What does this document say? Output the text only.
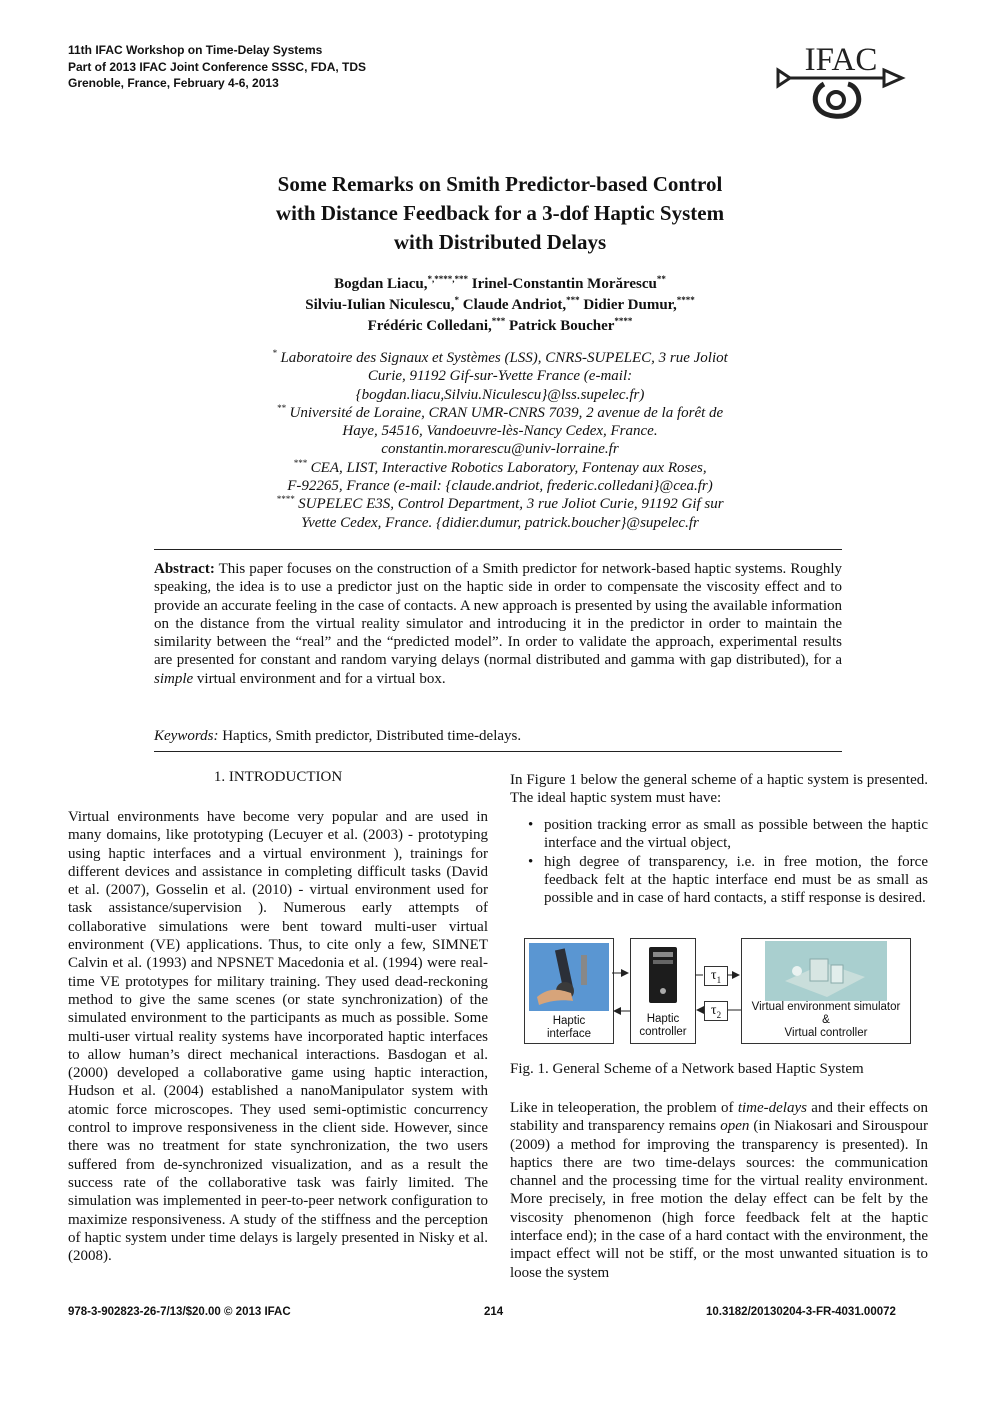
11th IFAC Workshop on Time-Delay Systems
Part of 2013 IFAC Joint Conference SSSC, FDA, TDS
Grenoble, France, February 4-6, 2013
IFAC
Some Remarks on Smith Predictor-based Control
with Distance Feedback for a 3-dof Haptic System
with Distributed Delays
Bogdan Liacu,*,****,*** Irinel-Constantin Morărescu**
Silviu-Iulian Niculescu,* Claude Andriot,*** Didier Dumur,****
Frédéric Colledani,*** Patrick Boucher****
* Laboratoire des Signaux et Systèmes (LSS), CNRS-SUPELEC, 3 rue Joliot
Curie, 91192 Gif-sur-Yvette France (e-mail:
{bogdan.liacu,Silviu.Niculescu}@lss.supelec.fr)
** Université de Loraine, CRAN UMR-CNRS 7039, 2 avenue de la forêt de
Haye, 54516, Vandoeuvre-lès-Nancy Cedex, France.
constantin.morarescu@univ-lorraine.fr
*** CEA, LIST, Interactive Robotics Laboratory, Fontenay aux Roses,
F-92265, France (e-mail: {claude.andriot, frederic.colledani}@cea.fr)
**** SUPELEC E3S, Control Department, 3 rue Joliot Curie, 91192 Gif sur
Yvette Cedex, France. {didier.dumur, patrick.boucher}@supelec.fr
Abstract: This paper focuses on the construction of a Smith predictor for network-based haptic systems. Roughly speaking, the idea is to use a predictor just on the haptic side in order to compensate the viscosity effect and to provide an accurate feeling in the case of contacts. A new approach is presented by using the available information on the distance from the virtual reality simulator and introducing it in the predictor in order to maintain the similarity between the “real” and the “predicted model”. In order to validate the approach, experimental results are presented for constant and random varying delays (normal distributed and gamma with gap distributed), for a simple virtual environment and for a virtual box.
Keywords: Haptics, Smith predictor, Distributed time-delays.
1. INTRODUCTION
Virtual environments have become very popular and are used in many domains, like prototyping (Lecuyer et al. (2003) - prototyping using haptic interfaces and a virtual environment ), trainings for different devices and assistance in completing difficult tasks (David et al. (2007), Gosselin et al. (2010) - virtual environment used for task assistance/supervision ). Numerous early attempts of collaborative simulations were bent toward multi-user virtual environment (VE) applications. Thus, to cite only a few, SIMNET Calvin et al. (1993) and NPSNET Macedonia et al. (1994) were real-time VE prototypes for military training. They used dead-reckoning method to give the same scenes (or state synchronization) of the simulated environment to the participants as much as possible. Some multi-user virtual reality systems have incorporated haptic interfaces to allow human’s direct mechanical interactions. Basdogan et al. (2000) developed a collaborative game using haptic interaction, Hudson et al. (2004) established a nanoManipulator system with atomic force microscopes. They used semi-optimistic concurrency control to improve responsiveness in the client side. However, since there was no treatment for state synchronization, the two users suffered from de-synchronized visualization, and as a result the success rate of the collaborative task was fairly limited. The simulation was implemented in peer-to-peer network configuration to maximize responsiveness. A study of the stiffness and the perception of haptic system under time delays is largely presented in Nisky et al. (2008).
In Figure 1 below the general scheme of a haptic system is presented. The ideal haptic system must have:
• position tracking error as small as possible between the haptic interface and the virtual object,
• high degree of transparency, i.e. in free motion, the force feedback felt at the haptic interface end must be as small as possible and in case of hard contacts, a stiff response is desired.
Haptic
interface
Haptic
controller
$\tau_1$
$\tau_2$
Virtual environment simulator
&
Virtual controller
Fig. 1. General Scheme of a Network based Haptic System
Like in teleoperation, the problem of time-delays and their effects on stability and transparency remains open (in Niakosari and Sirouspour (2009) a method for improving the transparency is presented). In haptics there are two time-delays sources: the communication channel and the processing time for the virtual reality environment. More precisely, in free motion the delay effect can be felt by the viscosity phenomenon (high force feedback felt at the haptic interface end); in the case of a hard contact with the environment, the impact effect will not be stiff, or the most unwanted situation is to loose the system
978-3-902823-26-7/13/$20.00 © 2013 IFAC	214	10.3182/20130204-3-FR-4031.00072
